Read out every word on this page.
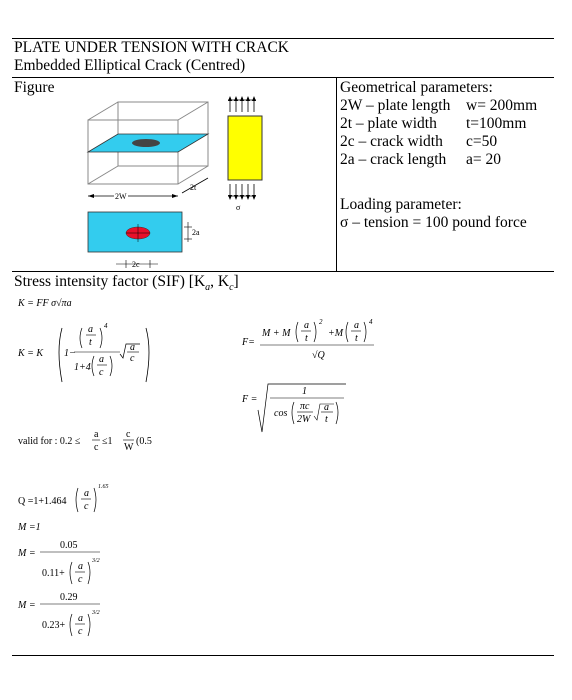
PLATE UNDER TENSION WITH CRACK
Embedded Elliptical Crack (Centred)
Figure
2W
2t
2a
2c
σ
Geometrical parameters:
2W – plate length w= 200mm
2t – plate width t=100mm
2c – crack width c=50
2a – crack length a= 20
Loading parameter:
σ – tension = 100 pound force
Stress intensity factor (SIF) [$K_a$, $K_c$]
K = FF σ√πa
K = K 1−
a
t
4
1+4
a
c
a
c
F=
M + M
a
t
2
+M
a
t
4
√Q
F =
1
cos
πc
2W
a
t
valid for : 0.2 ≤
a
c
≤1
c
W
(0.5
Q =1+1.464
a
c
1.65
M =1
M =
0.05
0.11+
a
c
3/2
M =
0.29
0.23+
a
c
3/2
